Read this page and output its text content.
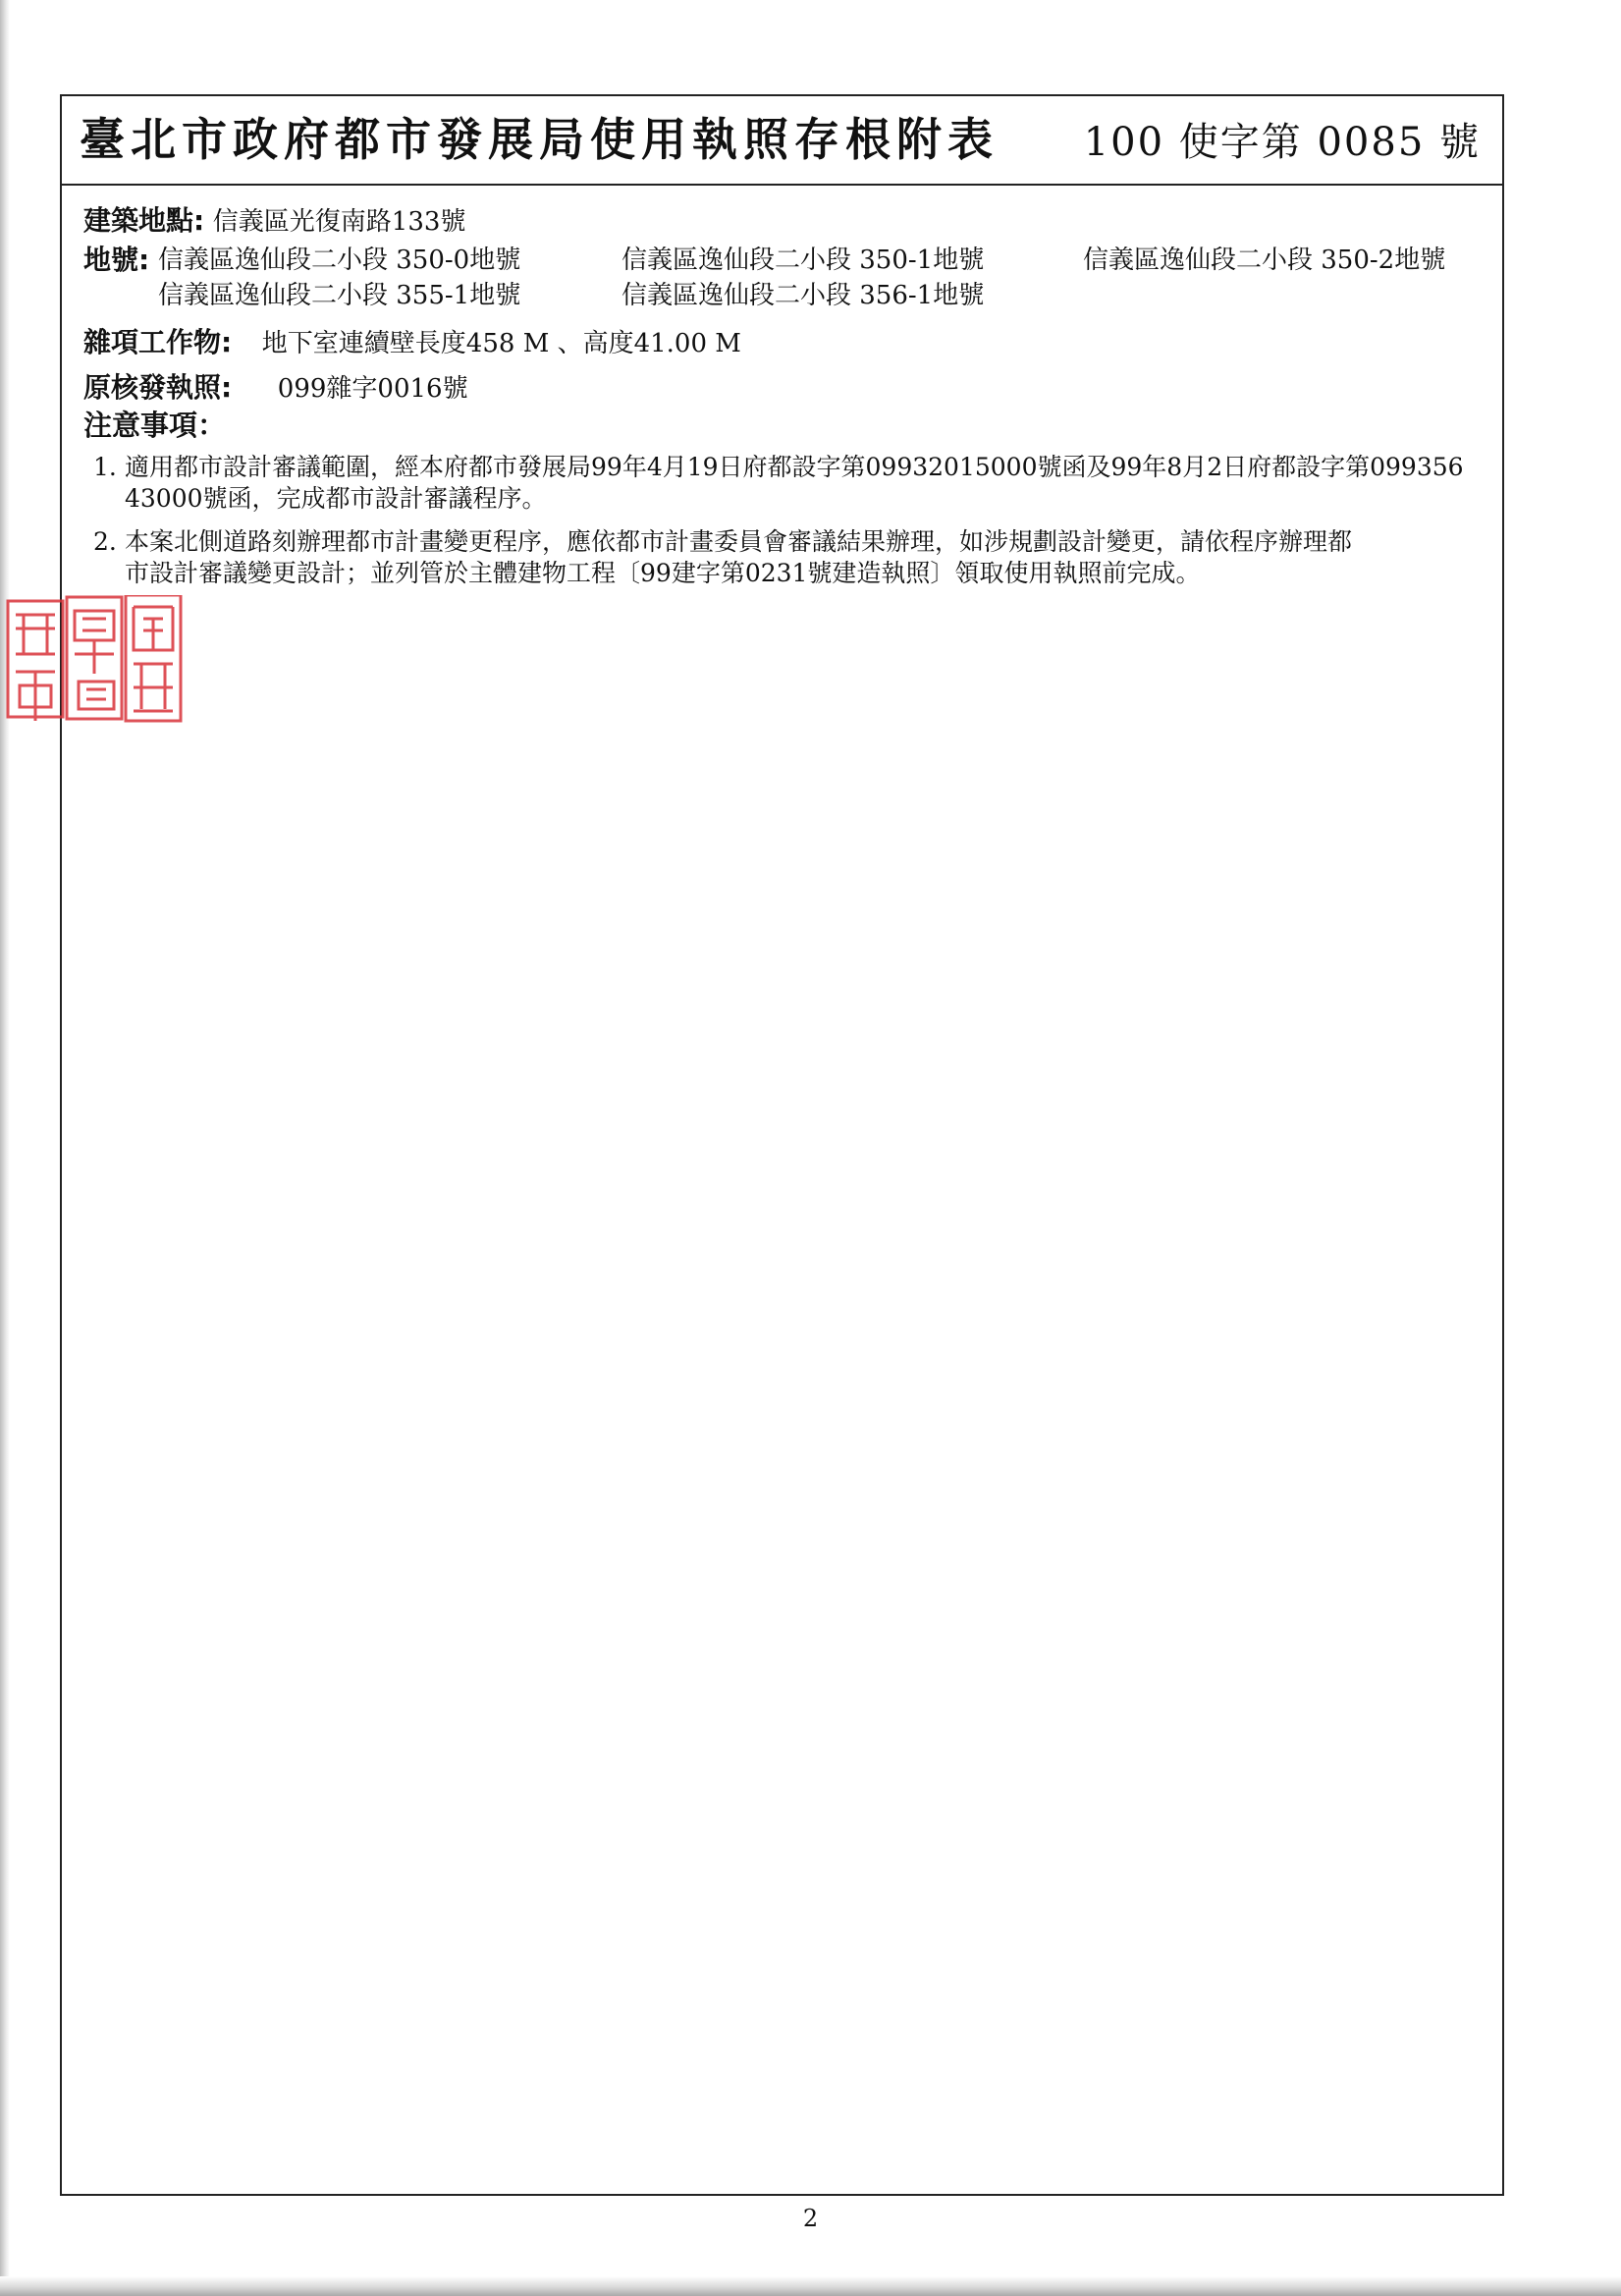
臺北市政府都市發展局使用執照存根附表 100 使字第 0085 號
建築地點: 信義區光復南路133號
地號: 信義區逸仙段二小段 350-0地號	信義區逸仙段二小段 350-1地號	信義區逸仙段二小段 350-2地號
信義區逸仙段二小段 355-1地號	信義區逸仙段二小段 356-1地號
雜項工作物: 地下室連續壁長度458 M 、高度41.00 M
原核發執照: 099雜字0016號
注意事項：
1. 適用都市設計審議範圍，經本府都市發展局99年4月19日府都設字第09932015000號函及99年8月2日府都設字第099356
43000號函，完成都市設計審議程序。
2. 本案北側道路刻辦理都市計畫變更程序，應依都市計畫委員會審議結果辦理，如涉規劃設計變更，請依程序辦理都
市設計審議變更設計；並列管於主體建物工程〔99建字第0231號建造執照〕領取使用執照前完成。
2
